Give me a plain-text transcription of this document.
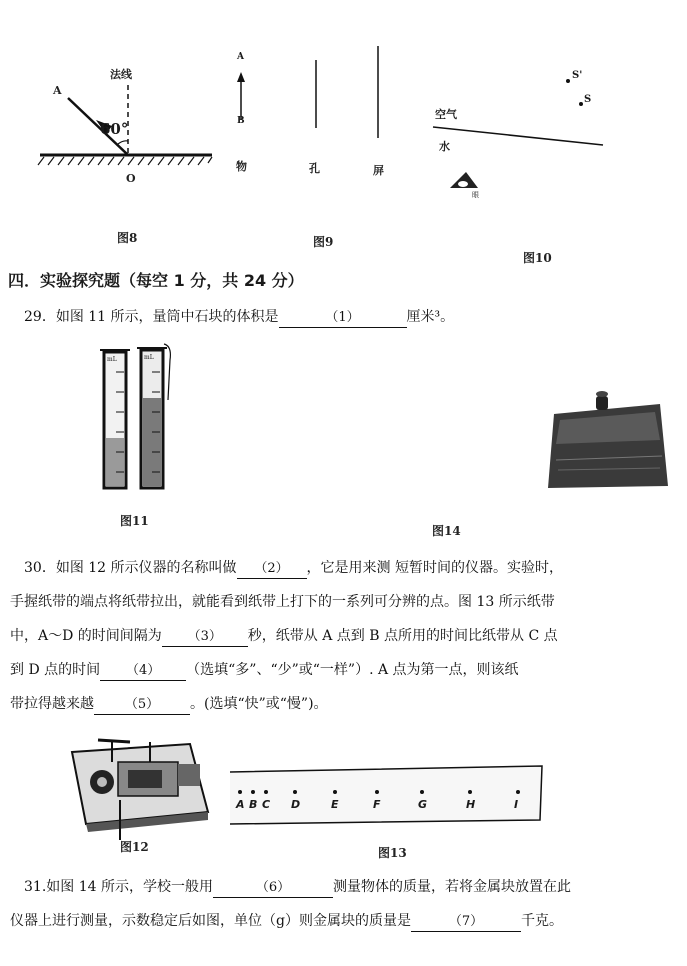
法线
A
60°
O
图8
A
B
物	孔	屏
图9
S'
S
空气
水
眼
图10
四．实验探究题（每空 1 分，共 24 分）
29．如图 11 所示，量筒中石块的体积是	（1）	厘米³。
mL	mL
图11
图14
30．如图 12 所示仪器的名称叫做 （2） ，它是用来测 短暂时间的仪器。实验时，
手握纸带的端点将纸带拉出，就能看到纸带上打下的一系列可分辨的点。图 13 所示纸带
中，A～D 的时间间隔为 （3） 秒，纸带从 A 点到 B 点所用的时间比纸带从 C 点
到 D 点的时间 （4） （选填“多”、“少”或“一样”）. A 点为第一点，则该纸
带拉得越来越 （5） 。(选填“快”或“慢”)。
图12
A B C D	E	F	G	H	I
图13
31.如图 14 所示，学校一般用	（6）	测量物体的质量，若将金属块放置在此
仪器上进行测量，示数稳定后如图，单位（g）则金属块的质量是	（7）	千克。
